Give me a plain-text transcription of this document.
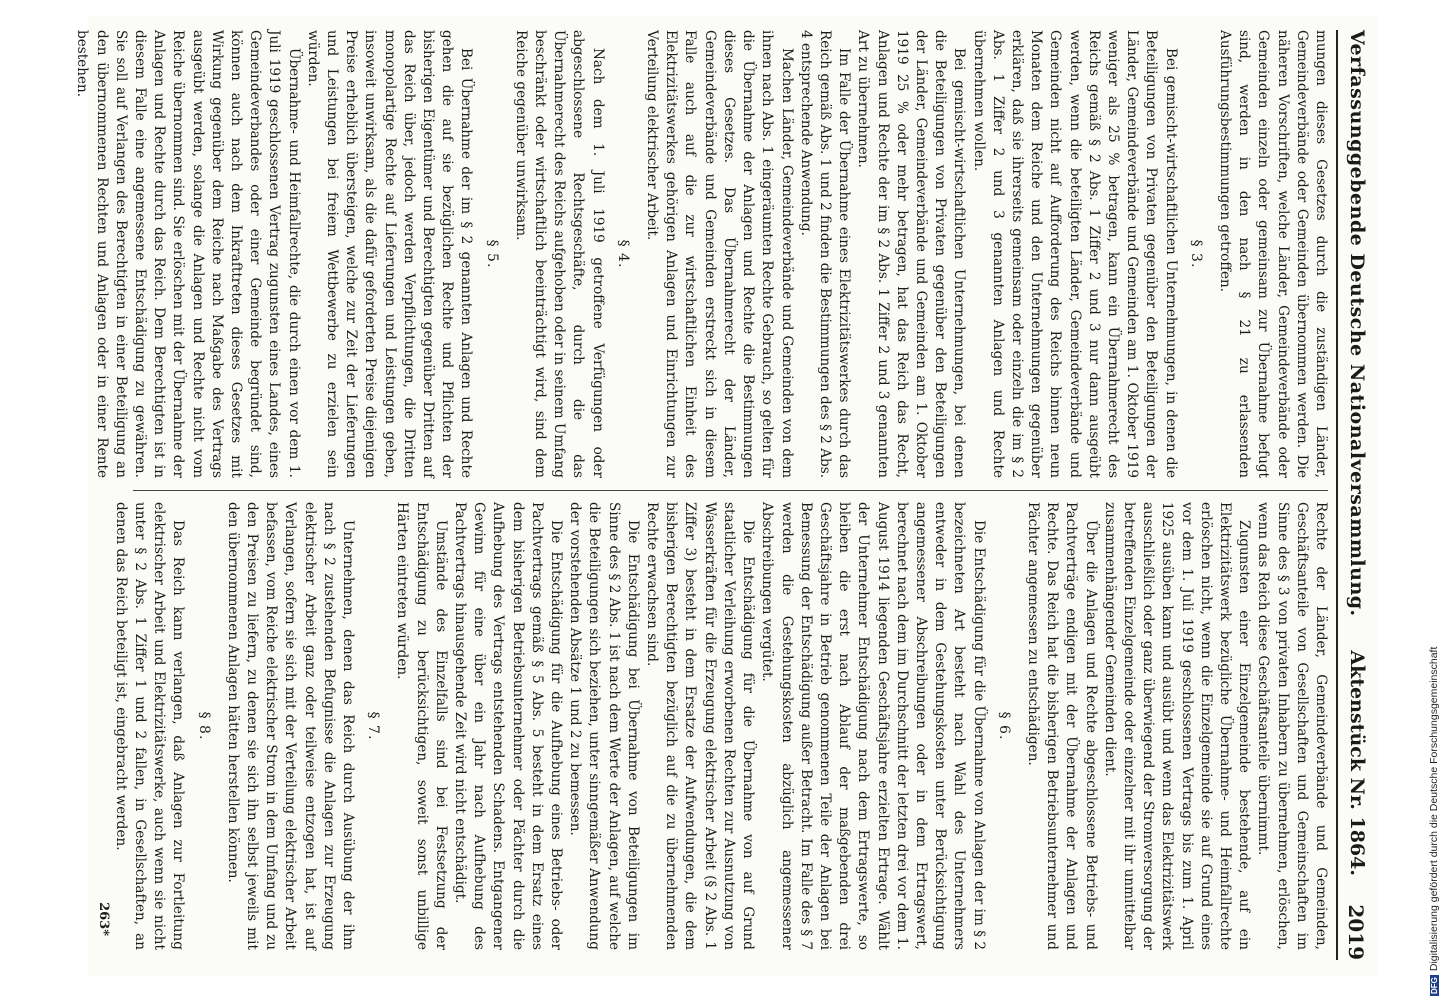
Verfassunggebende Deutsche Nationalversammlung.
Aktenstück Nr. 1864.
2019

mungen dieses Gesetzes durch die zuständigen Länder, Gemeindeverbände oder Gemeinden übernommen werden. Die näheren Vorschriften, welche Länder, Gemeindeverbände oder Gemeinden einzeln oder gemeinsam zur Übernahme befugt sind, werden in den nach § 21 zu erlassenden Ausführungsbestimmungen getroffen.

§ 3.

Bei gemischt-wirtschaftlichen Unternehmungen, in denen die Beteiligungen von Privaten gegenüber den Beteiligungen der Länder, Gemeindeverbände und Gemeinden am 1. Oktober 1919 weniger als 25 % betragen, kann ein Übernahmerecht des Reichs gemäß § 2 Abs. 1 Ziffer 2 und 3 nur dann ausgeübt werden, wenn die beteiligten Länder, Gemeindeverbände und Gemeinden nicht auf Aufforderung des Reichs binnen neun Monaten dem Reiche und den Unternehmungen gegenüber erklären, daß sie ihrerseits gemeinsam oder einzeln die im § 2 Abs. 1 Ziffer 2 und 3 genannten Anlagen und Rechte übernehmen wollen.

Bei gemischt-wirtschaftlichen Unternehmungen, bei denen die Beteiligungen von Privaten gegenüber den Beteiligungen der Länder, Gemeindeverbände und Gemeinden am 1. Oktober 1919 25 % oder mehr betragen, hat das Reich das Recht, Anlagen und Rechte der im § 2 Abs. 1 Ziffer 2 und 3 genannten Art zu übernehmen.

Im Falle der Übernahme eines Elektrizitätswerkes durch das Reich gemäß Abs. 1 und 2 finden die Bestimmungen des § 2 Abs. 4 entsprechende Anwendung.

Machen Länder, Gemeindeverbände und Gemeinden von dem ihnen nach Abs. 1 eingeräumten Rechte Gebrauch, so gelten für die Übernahme der Anlagen und Rechte die Bestimmungen dieses Gesetzes. Das Übernahmerecht der Länder, Gemeindeverbände und Gemeinden erstreckt sich in diesem Falle auch auf die zur wirtschaftlichen Einheit des Elektrizitätswerkes gehörigen Anlagen und Einrichtungen zur Verteilung elektrischer Arbeit.

§ 4.

Nach dem 1. Juli 1919 getroffene Verfügungen oder abgeschlossene Rechtsgeschäfte, durch die das Übernahmerecht des Reichs aufgehoben oder in seinem Umfang beschränkt oder wirtschaftlich beeinträchtigt wird, sind dem Reiche gegenüber unwirksam.

§ 5.

Bei Übernahme der im § 2 genannten Anlagen und Rechte gehen die auf sie bezüglichen Rechte und Pflichten der bisherigen Eigentümer und Berechtigten gegenüber Dritten auf das Reich über, jedoch werden Verpflichtungen, die Dritten monopolartige Rechte auf Lieferungen und Leistungen geben, insoweit unwirksam, als die dafür geforderten Preise diejenigen Preise erheblich übersteigen, welche zur Zeit der Lieferungen und Leistungen bei freiem Wettbewerbe zu erzielen sein würden.

Übernahme- und Heimfallrechte, die durch einen vor dem 1. Juli 1919 geschlossenen Vertrag zugunsten eines Landes, eines Gemeindeverbandes oder einer Gemeinde begründet sind, können auch nach dem Inkrafttreten dieses Gesetzes mit Wirkung gegenüber dem Reiche nach Maßgabe des Vertrags ausgeübt werden, solange die Anlagen und Rechte nicht vom Reiche übernommen sind. Sie erlöschen mit der Übernahme der Anlagen und Rechte durch das Reich. Dem Berechtigten ist in diesem Falle eine angemessene Entschädigung zu gewähren. Sie soll auf Verlangen des Berechtigten in einer Beteiligung an den übernommenen Rechten und Anlagen oder in einer Rente bestehen.

Rechte der Länder, Gemeindeverbände und Gemeinden, Geschäftsanteile von Gesellschaften und Gemeinschaften im Sinne des § 3 von privaten Inhabern zu übernehmen, erlöschen, wenn das Reich diese Geschäftsanteile übernimmt.

Zugunsten einer Einzelgemeinde bestehende, auf ein Elektrizitätswerk bezügliche Übernahme- und Heimfallrechte erlöschen nicht, wenn die Einzelgemeinde sie auf Grund eines vor dem 1. Juli 1919 geschlossenen Vertrags bis zum 1. April 1925 ausüben kann und ausübt und wenn das Elektrizitätswerk ausschließlich oder ganz überwiegend der Stromversorgung der betreffenden Einzelgemeinde oder einzelner mit ihr unmittelbar zusammenhängender Gemeinden dient.

Über die Anlagen und Rechte abgeschlossene Betriebs- und Pachtverträge endigen mit der Übernahme der Anlagen und Rechte. Das Reich hat die bisherigen Betriebsunternehmer und Pächter angemessen zu entschädigen.

§ 6.

Die Entschädigung für die Übernahme von Anlagen der im § 2 bezeichneten Art besteht nach Wahl des Unternehmers entweder in dem Gestehungskosten unter Berücksichtigung angemessener Abschreibungen oder in dem Ertragswert, berechnet nach dem im Durchschnitt der letzten drei vor dem 1. August 1914 liegenden Geschäftsjahre erzielten Ertrage. Wählt der Unternehmer Entschädigung nach dem Ertragswerte, so bleiben die erst nach Ablauf der maßgebenden drei Geschäftsjahre in Betrieb genommenen Teile der Anlagen bei Bemessung der Entschädigung außer Betracht. Im Falle des § 7 werden die Gestehungskosten abzüglich angemessener Abschreibungen vergütet.

Die Entschädigung für die Übernahme von auf Grund staatlicher Verleihung erworbenen Rechten zur Ausnutzung von Wasserkräften für die Erzeugung elektrischer Arbeit (§ 2 Abs. 1 Ziffer 3) besteht in dem Ersatze der Aufwendungen, die dem bisherigen Berechtigten bezüglich auf die zu übernehmenden Rechte erwachsen sind.

Die Entschädigung bei Übernahme von Beteiligungen im Sinne des § 2 Abs. 1 ist nach dem Werte der Anlagen, auf welche die Beteiligungen sich beziehen, unter sinngemäßer Anwendung der vorstehenden Absätze 1 und 2 zu bemessen.

Die Entschädigung für die Aufhebung eines Betriebs- oder Pachtvertrags gemäß § 5 Abs. 5 besteht in dem Ersatz eines dem bisherigen Betriebsunternehmer oder Pächter durch die Aufhebung des Vertrags entstehenden Schadens. Entgangener Gewinn für eine über ein Jahr nach Aufhebung des Pachtvertrags hinausgehende Zeit wird nicht entschädigt.

Umstände des Einzelfalls sind bei Festsetzung der Entschädigung zu berücksichtigen, soweit sonst unbillige Härten eintreten würden.

§ 7.

Unternehmen, denen das Reich durch Ausübung der ihm nach § 2 zustehenden Befugnisse die Anlagen zur Erzeugung elektrischer Arbeit ganz oder teilweise entzogen hat, ist auf Verlangen, sofern sie sich mit der Verteilung elektrischer Arbeit befassen, vom Reiche elektrischer Strom in dem Umfang und zu den Preisen zu liefern, zu denen sie sich ihn selbst jeweils mit den übernommenen Anlagen hätten herstellen können.

§ 8.

Das Reich kann verlangen, daß Anlagen zur Fortleitung elektrischer Arbeit und Elektrizitätswerke, auch wenn sie nicht unter § 2 Abs. 1 Ziffer 1 und 2 fallen, in Gesellschaften, an denen das Reich beteiligt ist, eingebracht werden.

263*
DFGDigitalisierung gefördert durch die Deutsche Forschungsgemeinschaft
